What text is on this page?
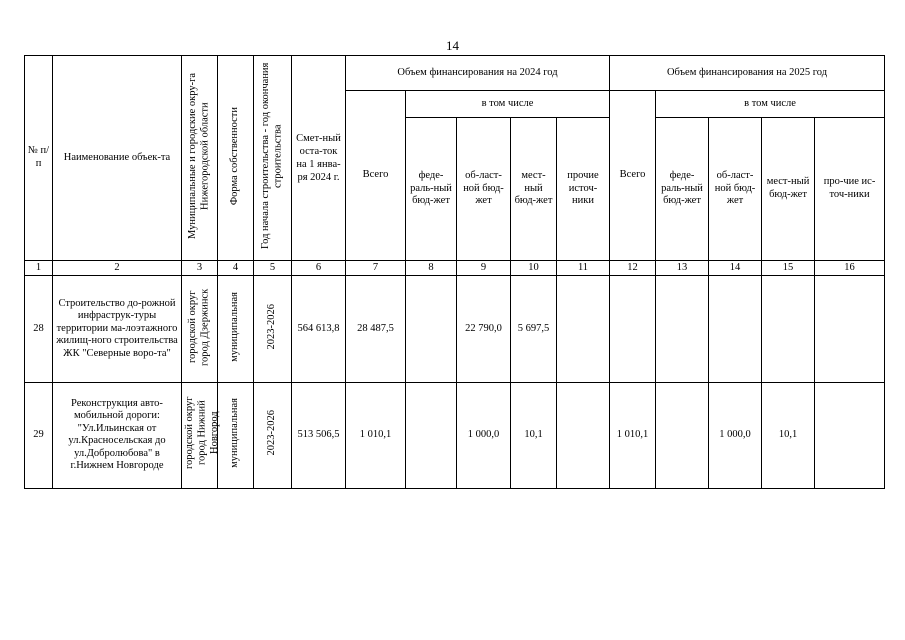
14
№ п/п	Наименование объек-та	Муниципальные и городские окру-га Нижегородской области	Форма собственности	Год начала строительства - год окончания строительства	Смет-ный оста-ток на 1 янва-ря 2024 г.	Объем финансирования на 2024 год					Объем финансирования на 2025 год				
						Всего	в том числе				Всего	в том числе			
							феде-раль-ный бюд-жет	об-ласт-ной бюд-жет	мест-ный бюд-жет	прочие источ-ники		феде-раль-ный бюд-жет	об-ласт-ной бюд-жет	мест-ный бюд-жет	про-чие ис-точ-ники
1	2	3	4	5	6	7	8	9	10	11	12	13	14	15	16
28	Строительство до-рожной инфраструк-туры территории ма-лоэтажного жилищ-ного строительства ЖК "Северные воро-та"	городской округ город Дзержинск	муниципальная	2023-2026	564 613,8	28 487,5		22 790,0	5 697,5						
29	Реконструкция авто-мобильной дороги: "Ул.Ильинская от ул.Красносельская до ул.Добролюбова" в г.Нижнем Новгороде	городской округ город Нижний Новгород	муниципальная	2023-2026	513 506,5	1 010,1		1 000,0	10,1		1 010,1		1 000,0	10,1	
